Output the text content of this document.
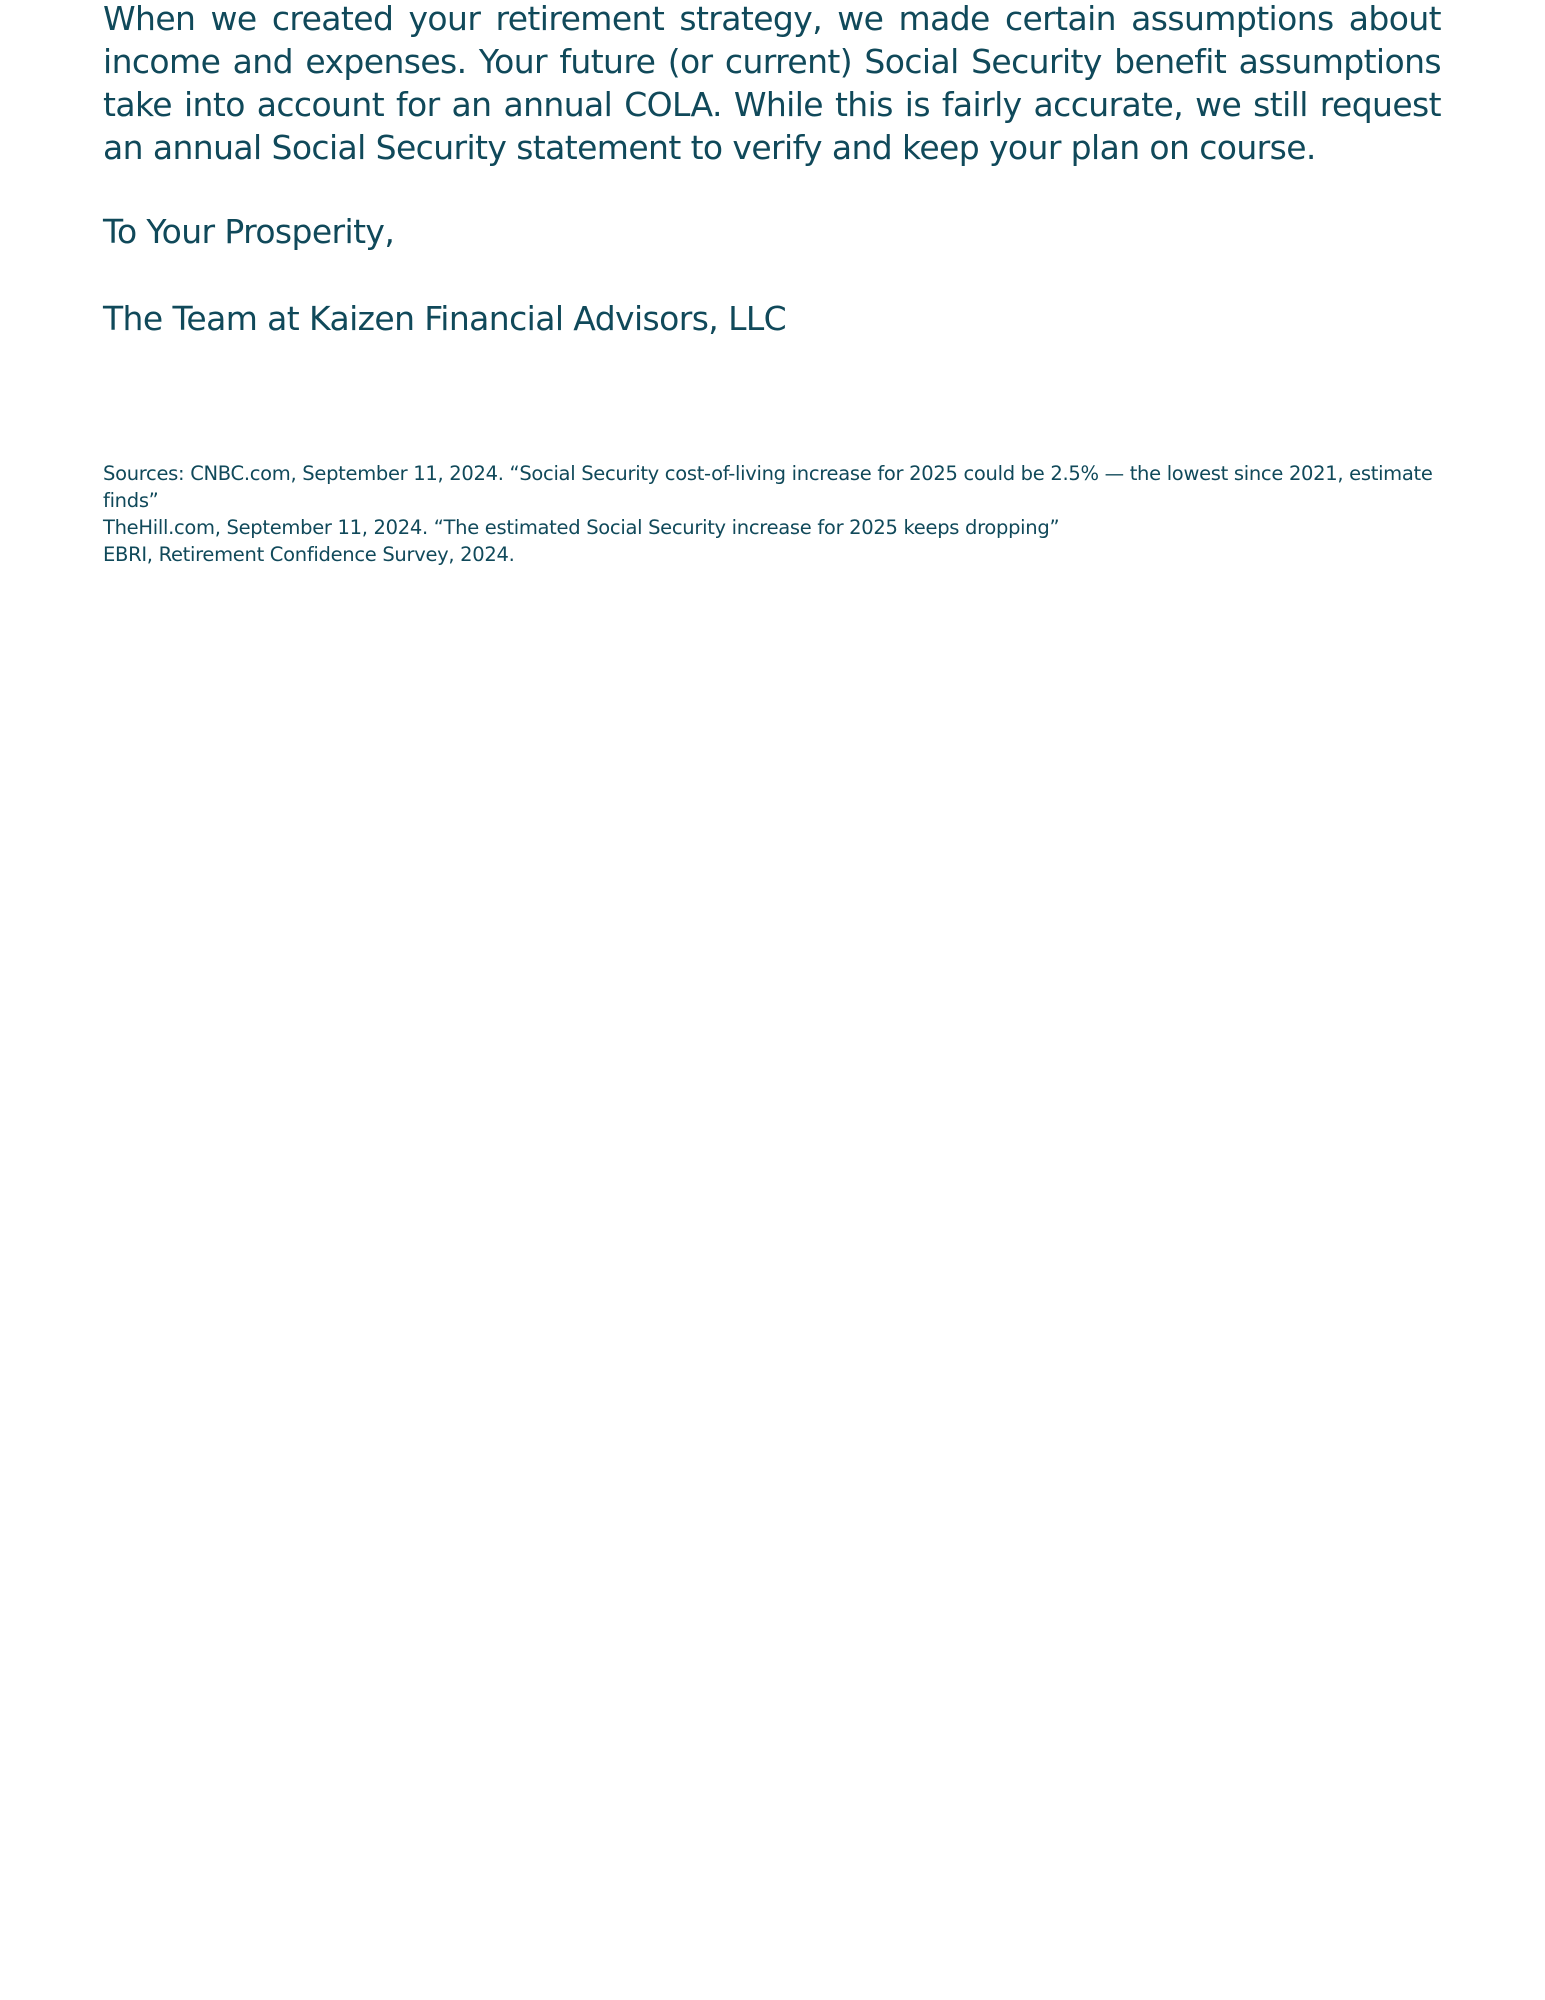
When we created your retirement strategy, we made certain assumptions about income and expenses. Your future (or current) Social Security benefit assumptions take into account for an annual COLA. While this is fairly accurate, we still request an annual Social Security statement to verify and keep your plan on course.

To Your Prosperity,

The Team at Kaizen Financial Advisors, LLC

Sources: CNBC.com, September 11, 2024. “Social Security cost-of-living increase for 2025 could be 2.5% — the lowest since 2021, estimate finds”
TheHill.com, September 11, 2024. “The estimated Social Security increase for 2025 keeps dropping”
EBRI, Retirement Confidence Survey, 2024.
